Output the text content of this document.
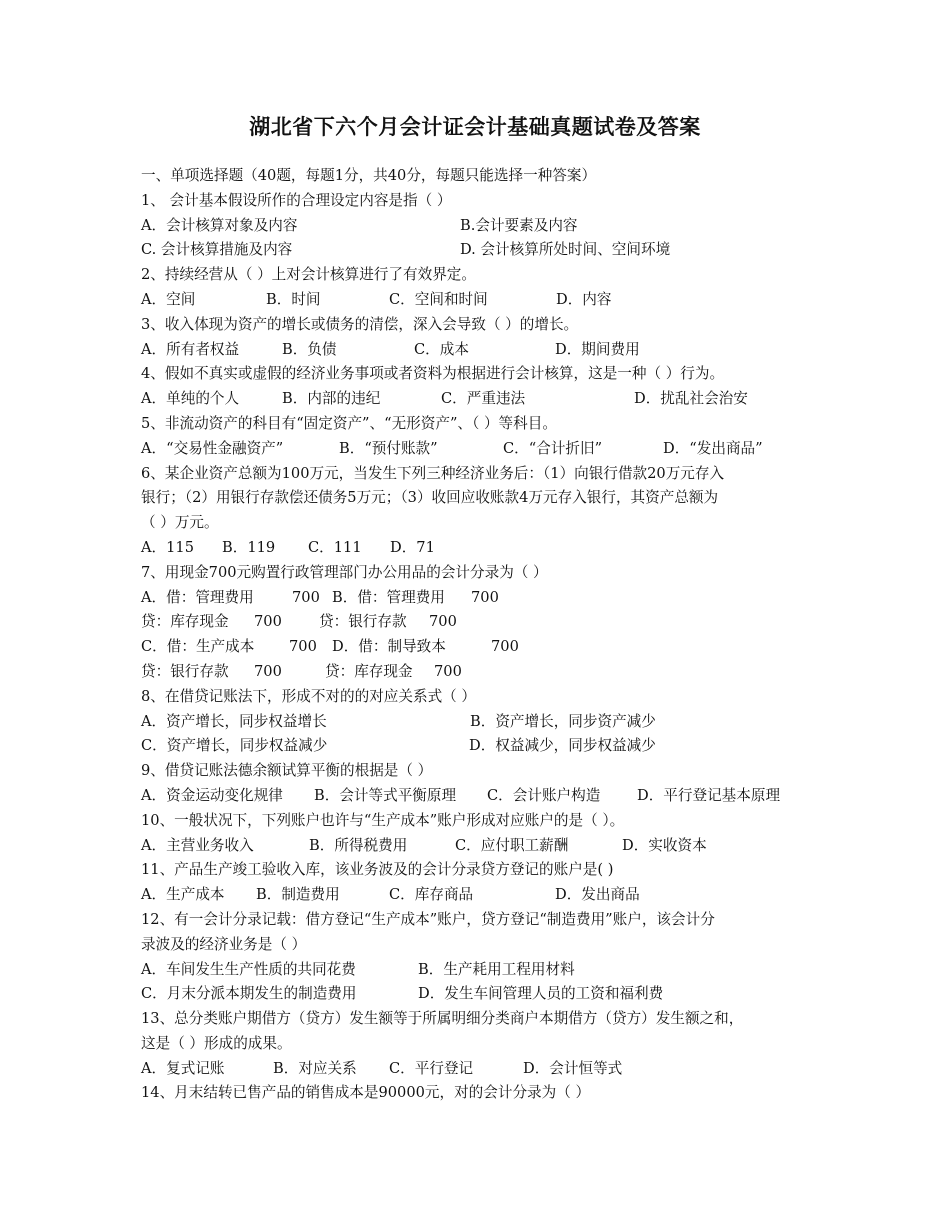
湖北省下六个月会计证会计基础真题试卷及答案
一、单项选择题（40题，每题1分，共40分，每题只能选择一种答案）
1、 会计基本假设所作的合理设定内容是指（ ）
A．会计核算对象及内容	B.会计要素及内容
C. 会计核算措施及内容	D. 会计核算所处时间、空间环境
2、持续经营从（ ）上对会计核算进行了有效界定。
A．空间	B．时间	C．空间和时间	D．内容
3、收入体现为资产的增长或债务的清偿，深入会导致（ ）的增长。
A．所有者权益	B．负债	C．成本	D．期间费用
4、假如不真实或虚假的经济业务事项或者资料为根据进行会计核算，这是一种（ ）行为。
A．单纯的个人	B．内部的违纪	C．严重违法	D．扰乱社会治安
5、非流动资产的科目有“固定资产”、“无形资产”、（ ）等科目。
A．“交易性金融资产”	B．“预付账款”	C．“合计折旧”	D．“发出商品”
6、某企业资产总额为100万元，当发生下列三种经济业务后：（1）向银行借款20万元存入
银行；（2）用银行存款偿还债务5万元；（3）收回应收账款4万元存入银行，其资产总额为
（ ）万元。
A．115 B．119 C．111 D．71
7、用现金700元购置行政管理部门办公用品的会计分录为（ ）
A．借：管理费用	700 B．借：管理费用 700
贷：库存现金 700	贷：银行存款 700
C．借：生产成本 700 D．借：制导致本	700
贷：银行存款 700	贷：库存现金 700
8、在借贷记账法下，形成不对的的对应关系式（ ）
A．资产增长，同步权益增长	B．资产增长，同步资产减少
C．资产增长，同步权益减少	D．权益减少，同步权益减少
9、借贷记账法德余额试算平衡的根据是（ ）
A．资金运动变化规律 B．会计等式平衡原理 C．会计账户构造	D．平行登记基本原理
10、一般状况下，下列账户也许与“生产成本”账户形成对应账户的是（ ）。
A．主营业务收入	B．所得税费用	C．应付职工薪酬	D．实收资本
11、产品生产竣工验收入库，该业务波及的会计分录贷方登记的账户是( )
A．生产成本 B．制造费用	C．库存商品	D．发出商品
12、有一会计分录记载：借方登记“生产成本”账户，贷方登记“制造费用”账户，该会计分
录波及的经济业务是（ ）
A．车间发生生产性质的共同花费	B．生产耗用工程用材料
C．月末分派本期发生的制造费用	D．发生车间管理人员的工资和福利费
13、总分类账户期借方（贷方）发生额等于所属明细分类商户本期借方（贷方）发生额之和，
这是（ ）形成的成果。
A．复式记账	B．对应关系 C．平行登记	D．会计恒等式
14、月末结转已售产品的销售成本是90000元，对的会计分录为（ ）
